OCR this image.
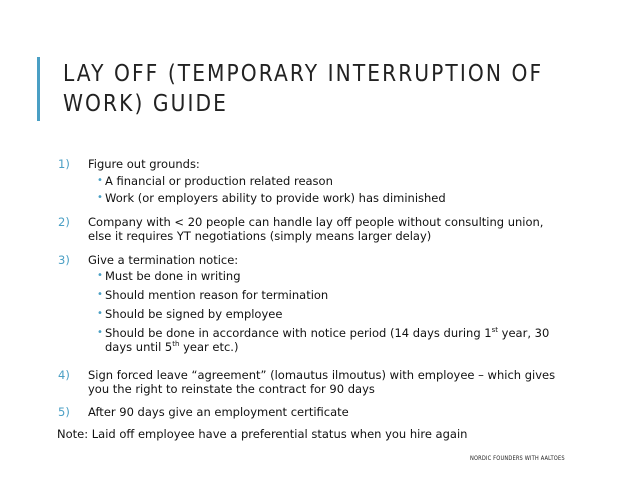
LAY OFF (TEMPORARY INTERRUPTION OF
WORK) GUIDE
1) Figure out grounds:
• A financial or production related reason
• Work (or employers ability to provide work) has diminished
2) Company with < 20 people can handle lay off people without consulting union,
else it requires YT negotiations (simply means larger delay)
3) Give a termination notice:
• Must be done in writing
• Should mention reason for termination
• Should be signed by employee
• Should be done in accordance with notice period (14 days during 1st year, 30
days until 5th year etc.)
4) Sign forced leave “agreement” (lomautus ilmoutus) with employee – which gives
you the right to reinstate the contract for 90 days
5) After 90 days give an employment certificate
Note: Laid off employee have a preferential status when you hire again
NORDIC FOUNDERS WITH AALTOES
